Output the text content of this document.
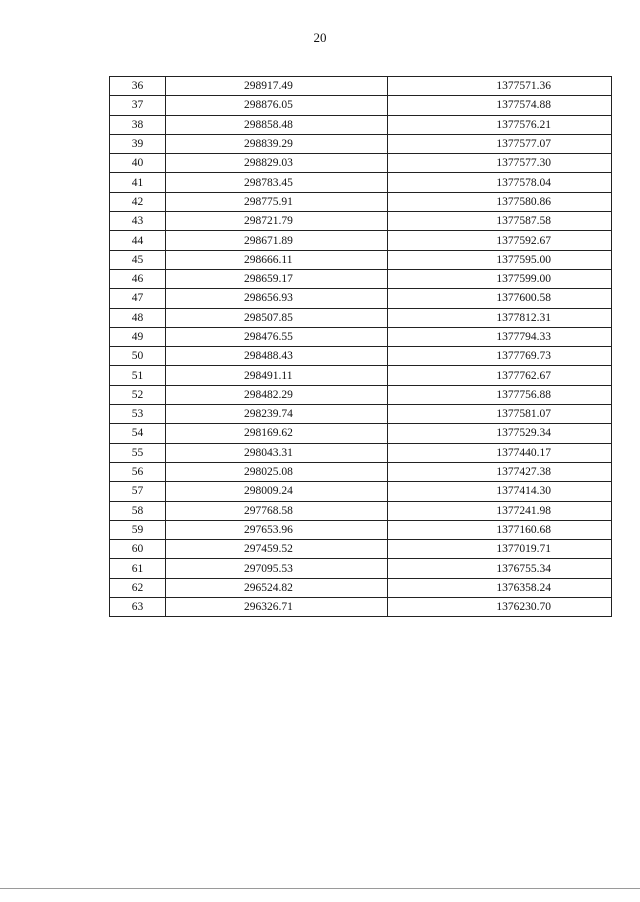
20
36	298917.49	1377571.36
37	298876.05	1377574.88
38	298858.48	1377576.21
39	298839.29	1377577.07
40	298829.03	1377577.30
41	298783.45	1377578.04
42	298775.91	1377580.86
43	298721.79	1377587.58
44	298671.89	1377592.67
45	298666.11	1377595.00
46	298659.17	1377599.00
47	298656.93	1377600.58
48	298507.85	1377812.31
49	298476.55	1377794.33
50	298488.43	1377769.73
51	298491.11	1377762.67
52	298482.29	1377756.88
53	298239.74	1377581.07
54	298169.62	1377529.34
55	298043.31	1377440.17
56	298025.08	1377427.38
57	298009.24	1377414.30
58	297768.58	1377241.98
59	297653.96	1377160.68
60	297459.52	1377019.71
61	297095.53	1376755.34
62	296524.82	1376358.24
63	296326.71	1376230.70
